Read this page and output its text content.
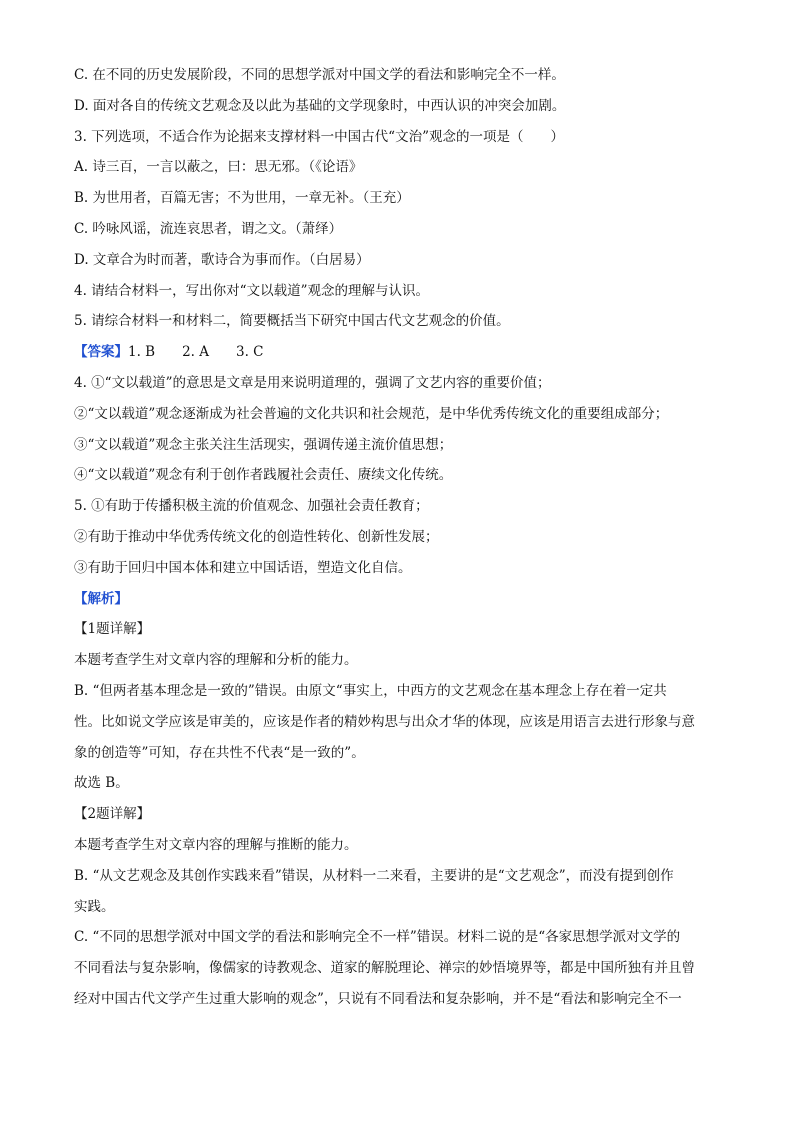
C. 在不同的历史发展阶段，不同的思想学派对中国文学的看法和影响完全不一样。
D. 面对各自的传统文艺观念及以此为基础的文学现象时，中西认识的冲突会加剧。
3. 下列选项，不适合作为论据来支撑材料一中国古代“文治”观念的一项是（　　）
A. 诗三百，一言以蔽之，曰：思无邪。（《论语》
B. 为世用者，百篇无害；不为世用，一章无补。（王充）
C. 吟咏风谣，流连哀思者，谓之文。（萧绎）
D. 文章合为时而著，歌诗合为事而作。（白居易）
4. 请结合材料一，写出你对“文以载道”观念的理解与认识。
5. 请综合材料一和材料二，简要概括当下研究中国古代文艺观念的价值。
【答案】1. B　　2. A　　3. C
4. ①“文以载道”的意思是文章是用来说明道理的，强调了文艺内容的重要价值；
②“文以载道”观念逐渐成为社会普遍的文化共识和社会规范，是中华优秀传统文化的重要组成部分；
③“文以载道”观念主张关注生活现实，强调传递主流价值思想；
④“文以载道”观念有利于创作者践履社会责任、赓续文化传统。
5. ①有助于传播积极主流的价值观念、加强社会责任教育；
②有助于推动中华优秀传统文化的创造性转化、创新性发展；
③有助于回归中国本体和建立中国话语，塑造文化自信。
【解析】
【1题详解】
本题考查学生对文章内容的理解和分析的能力。
B. “但两者基本理念是一致的”错误。由原文“事实上，中西方的文艺观念在基本理念上存在着一定共
性。比如说文学应该是审美的，应该是作者的精妙构思与出众才华的体现，应该是用语言去进行形象与意
象的创造等”可知，存在共性不代表“是一致的”。
故选 B。
【2题详解】
本题考查学生对文章内容的理解与推断的能力。
B. “从文艺观念及其创作实践来看”错误，从材料一二来看，主要讲的是“文艺观念”，而没有提到创作
实践。
C. “不同的思想学派对中国文学的看法和影响完全不一样”错误。材料二说的是“各家思想学派对文学的
不同看法与复杂影响，像儒家的诗教观念、道家的解脱理论、禅宗的妙悟境界等，都是中国所独有并且曾
经对中国古代文学产生过重大影响的观念”，只说有不同看法和复杂影响，并不是“看法和影响完全不一
